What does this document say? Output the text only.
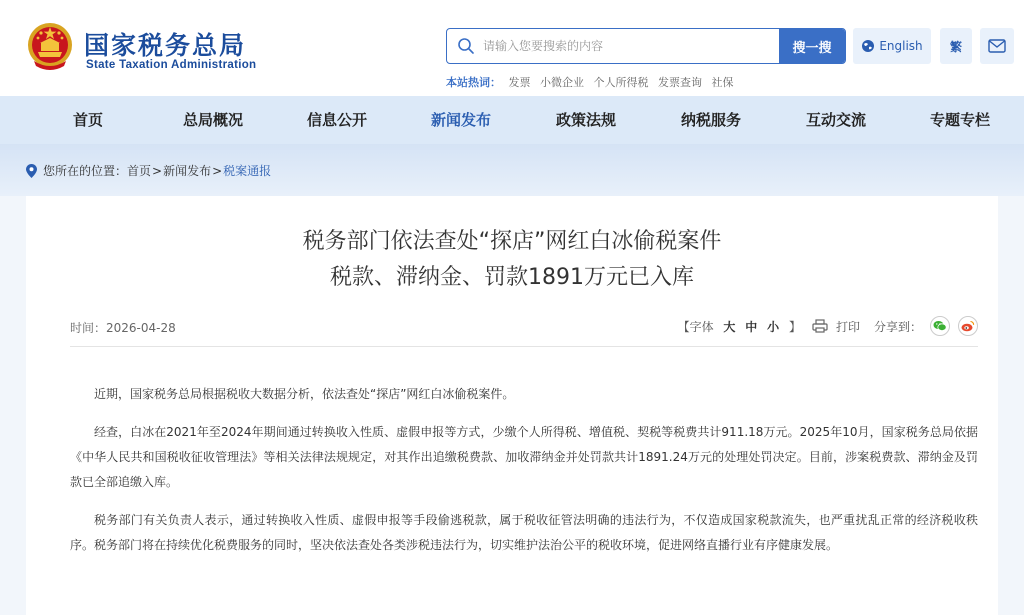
国家税务总局
State Taxation Administration
请输入您要搜索的内容
搜一搜
本站热词： 发票 小微企业 个人所得税 发票查询 社保
English	繁
首页	总局概况	信息公开	新闻发布	政策法规	纳税服务	互动交流	专题专栏
您所在的位置： 首页 > 新闻发布 > 税案通报
税务部门依法查处“探店”网红白冰偷税案件
税款、滞纳金、罚款1891万元已入库
时间：2026-04-28	【字体 大 中 小 】	打印 分享到：

近期，国家税务总局根据税收大数据分析，依法查处“探店”网红白冰偷税案件。

经查，白冰在2021年至2024年期间通过转换收入性质、虚假申报等方式，少缴个人所得税、增值税、契税等税费共计911.18万元。2025年10月，国家税务总局依据《中华人民共和国税收征收管理法》等相关法律法规规定，对其作出追缴税费款、加收滞纳金并处罚款共计1891.24万元的处理处罚决定。目前，涉案税费款、滞纳金及罚款已全部追缴入库。

税务部门有关负责人表示，通过转换收入性质、虚假申报等手段偷逃税款，属于税收征管法明确的违法行为，不仅造成国家税款流失，也严重扰乱正常的经济税收秩序。税务部门将在持续优化税费服务的同时，坚决依法查处各类涉税违法行为，切实维护法治公平的税收环境，促进网络直播行业有序健康发展。
